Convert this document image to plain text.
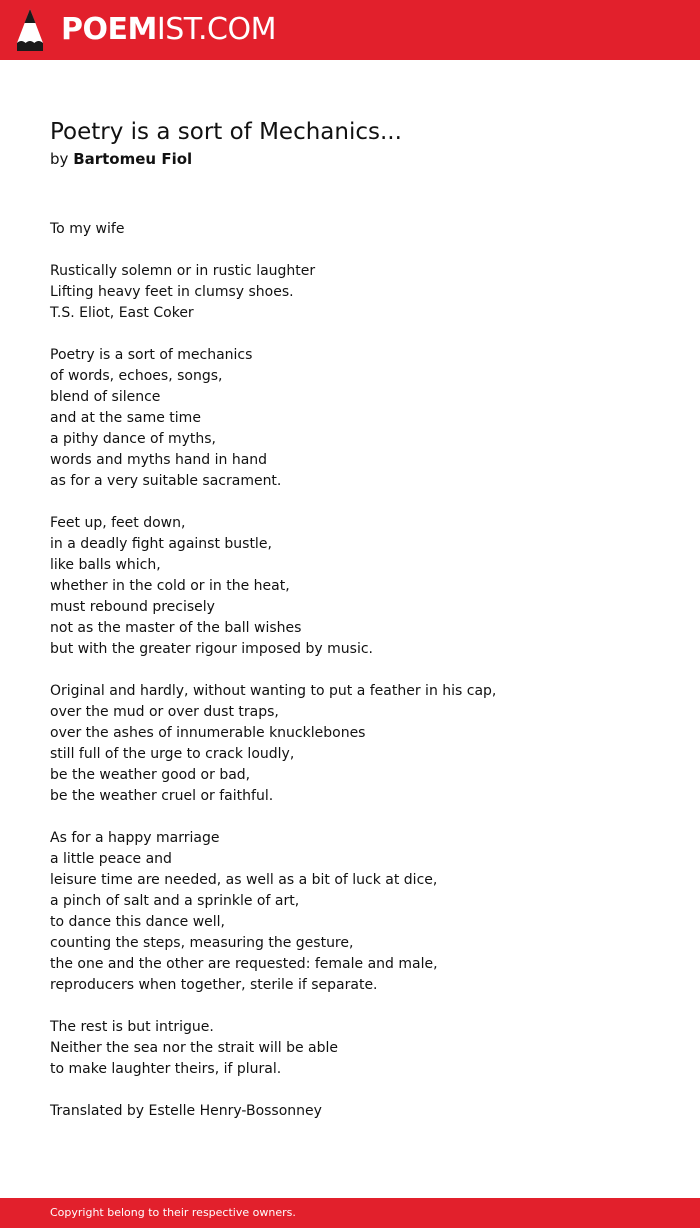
POEMIST.COM
Poetry is a sort of Mechanics...
by Bartomeu Fiol
To my wife
Rustically solemn or in rustic laughter
Lifting heavy feet in clumsy shoes.
T.S. Eliot, East Coker
Poetry is a sort of mechanics
of words, echoes, songs,
blend of silence
and at the same time
a pithy dance of myths,
words and myths hand in hand
as for a very suitable sacrament.
Feet up, feet down,
in a deadly fight against bustle,
like balls which,
whether in the cold or in the heat,
must rebound precisely
not as the master of the ball wishes
but with the greater rigour imposed by music.
Original and hardly, without wanting to put a feather in his cap,
over the mud or over dust traps,
over the ashes of innumerable knucklebones
still full of the urge to crack loudly,
be the weather good or bad,
be the weather cruel or faithful.
As for a happy marriage
a little peace and
leisure time are needed, as well as a bit of luck at dice,
a pinch of salt and a sprinkle of art,
to dance this dance well,
counting the steps, measuring the gesture,
the one and the other are requested: female and male,
reproducers when together, sterile if separate.
The rest is but intrigue.
Neither the sea nor the strait will be able
to make laughter theirs, if plural.
Translated by Estelle Henry-Bossonney
Copyright belong to their respective owners.
